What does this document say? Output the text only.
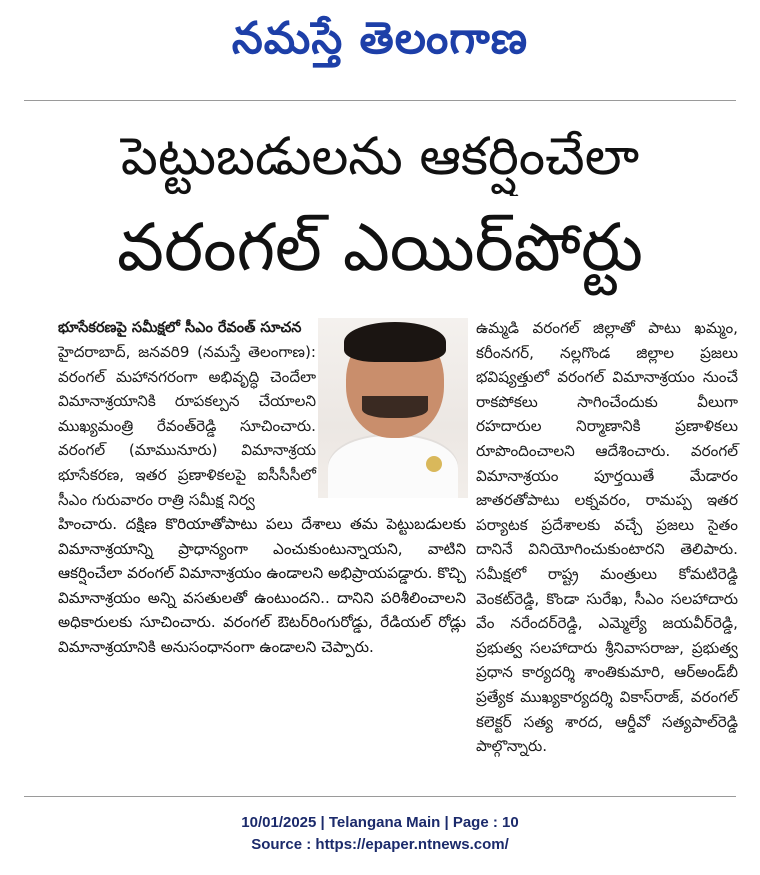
నమస్తే తెలంగాణ
పెట్టుబడులను ఆకర్షించేలా
వరంగల్ ఎయిర్‌పోర్టు
భూసేకరణపై సమీక్షలో సీఎం రేవంత్ సూచన
హైదరాబాద్, జనవరి9 (నమస్తే తెలంగాణ): వరంగల్ మహానగరంగా అభివృద్ధి చెందేలా విమానాశ్రయానికి రూపకల్పన చేయాలని ముఖ్యమంత్రి రేవంత్‌రెడ్డి సూచించారు. వరంగల్ (మామునూరు) విమానాశ్రయ భూసేకరణ, ఇతర ప్రణాళికలపై ఐసీసీసీలో సీఎం గురువారం రాత్రి సమీక్ష నిర్వ
హించారు. దక్షిణ కొరియాతోపాటు పలు దేశాలు తమ పెట్టుబడులకు విమానాశ్రయాన్ని ప్రాధాన్యంగా ఎంచుకుంటున్నాయని, వాటిని ఆకర్షించేలా వరంగల్ విమానాశ్రయం ఉండాలని అభిప్రాయపడ్డారు. కొచ్చి విమానాశ్రయం అన్ని వసతులతో ఉంటుందని.. దానిని పరిశీలించాలని అధికారులకు సూచించారు. వరంగల్ ఔటర్‌రింగురోడ్డు, రేడియల్ రోడ్లు విమానాశ్రయానికి అనుసంధానంగా ఉండాలని చెప్పారు.
ఉమ్మడి వరంగల్ జిల్లాతో పాటు ఖమ్మం, కరీంనగర్, నల్లగొండ జిల్లాల ప్రజలు భవిష్యత్తులో వరంగల్ విమానాశ్రయం నుంచే రాకపోకలు సాగించేందుకు వీలుగా రహదారుల నిర్మాణానికి ప్రణాళికలు రూపొందించాలని ఆదేశించారు. వరంగల్ విమానాశ్రయం పూర్తయితే మేడారం జాతరతోపాటు లక్నవరం, రామప్ప ఇతర పర్యాటక ప్రదేశాలకు వచ్చే ప్రజలు సైతం దానినే వినియోగించుకుంటారని తెలిపారు. సమీక్షలో రాష్ట్ర మంత్రులు కోమటిరెడ్డి వెంకట్‌రెడ్డి, కొండా సురేఖ, సీఎం సలహాదారు వేం నరేందర్‌రెడ్డి, ఎమ్మెల్యే జయవీర్‌రెడ్డి, ప్రభుత్వ సలహాదారు శ్రీనివాసరాజు, ప్రభుత్వ ప్రధాన కార్యదర్శి శాంతికుమారి, ఆర్‌అండ్‌బీ ప్రత్యేక ముఖ్యకార్యదర్శి వికాస్‌రాజ్, వరంగల్ కలెక్టర్ సత్య శారద, ఆర్డీవో సత్యపాల్‌రెడ్డి పాల్గొన్నారు.
10/01/2025 | Telangana Main | Page : 10
Source : https://epaper.ntnews.com/
